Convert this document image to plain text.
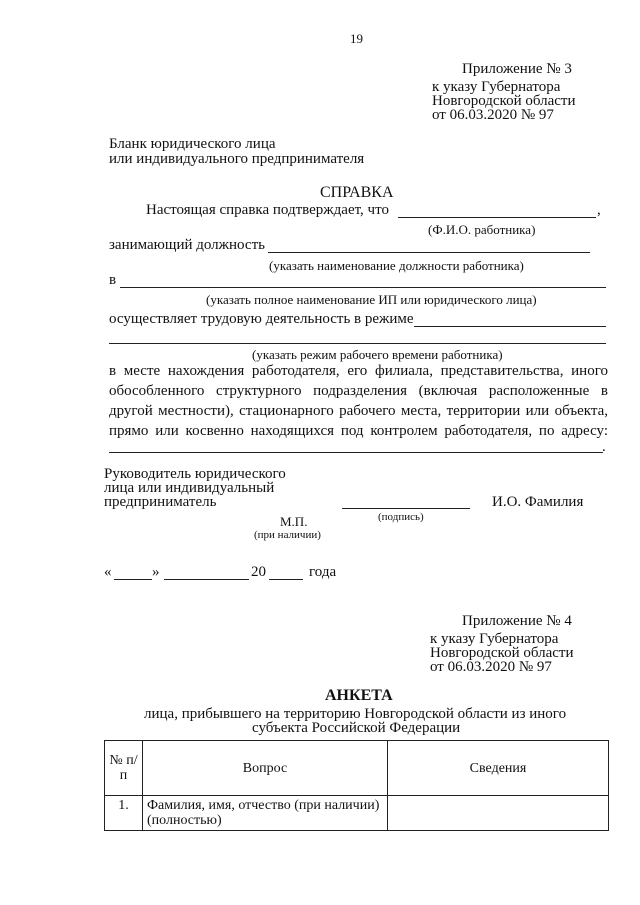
19
Приложение № 3
к указу Губернатора
Новгородской области
от 06.03.2020 № 97
Бланк юридического лица
или индивидуального предпринимателя
СПРАВКА
Настоящая справка подтверждает, что	,
(Ф.И.О. работника)
занимающий должность
(указать наименование должности работника)
в
(указать полное наименование ИП или юридического лица)
осуществляет трудовую деятельность в режиме
(указать режим рабочего времени работника)
в месте нахождения работодателя, его филиала, представительства, иного
обособленного структурного подразделения (включая расположенные в
другой местности), стационарного рабочего места, территории или объекта,
прямо или косвенно находящихся под контролем работодателя, по адресу:
.
Руководитель юридического
лица или индивидуальный
предприниматель
(подпись)
И.О. Фамилия
М.П.
(при наличии)
«	»	20	года
Приложение № 4
к указу Губернатора
Новгородской области
от 06.03.2020 № 97
АНКЕТА
лица, прибывшего на территорию Новгородской области из иного
субъекта Российской Федерации
№ п/п	Вопрос	Сведения
1.	Фамилия, имя, отчество (при наличии) (полностью)	
